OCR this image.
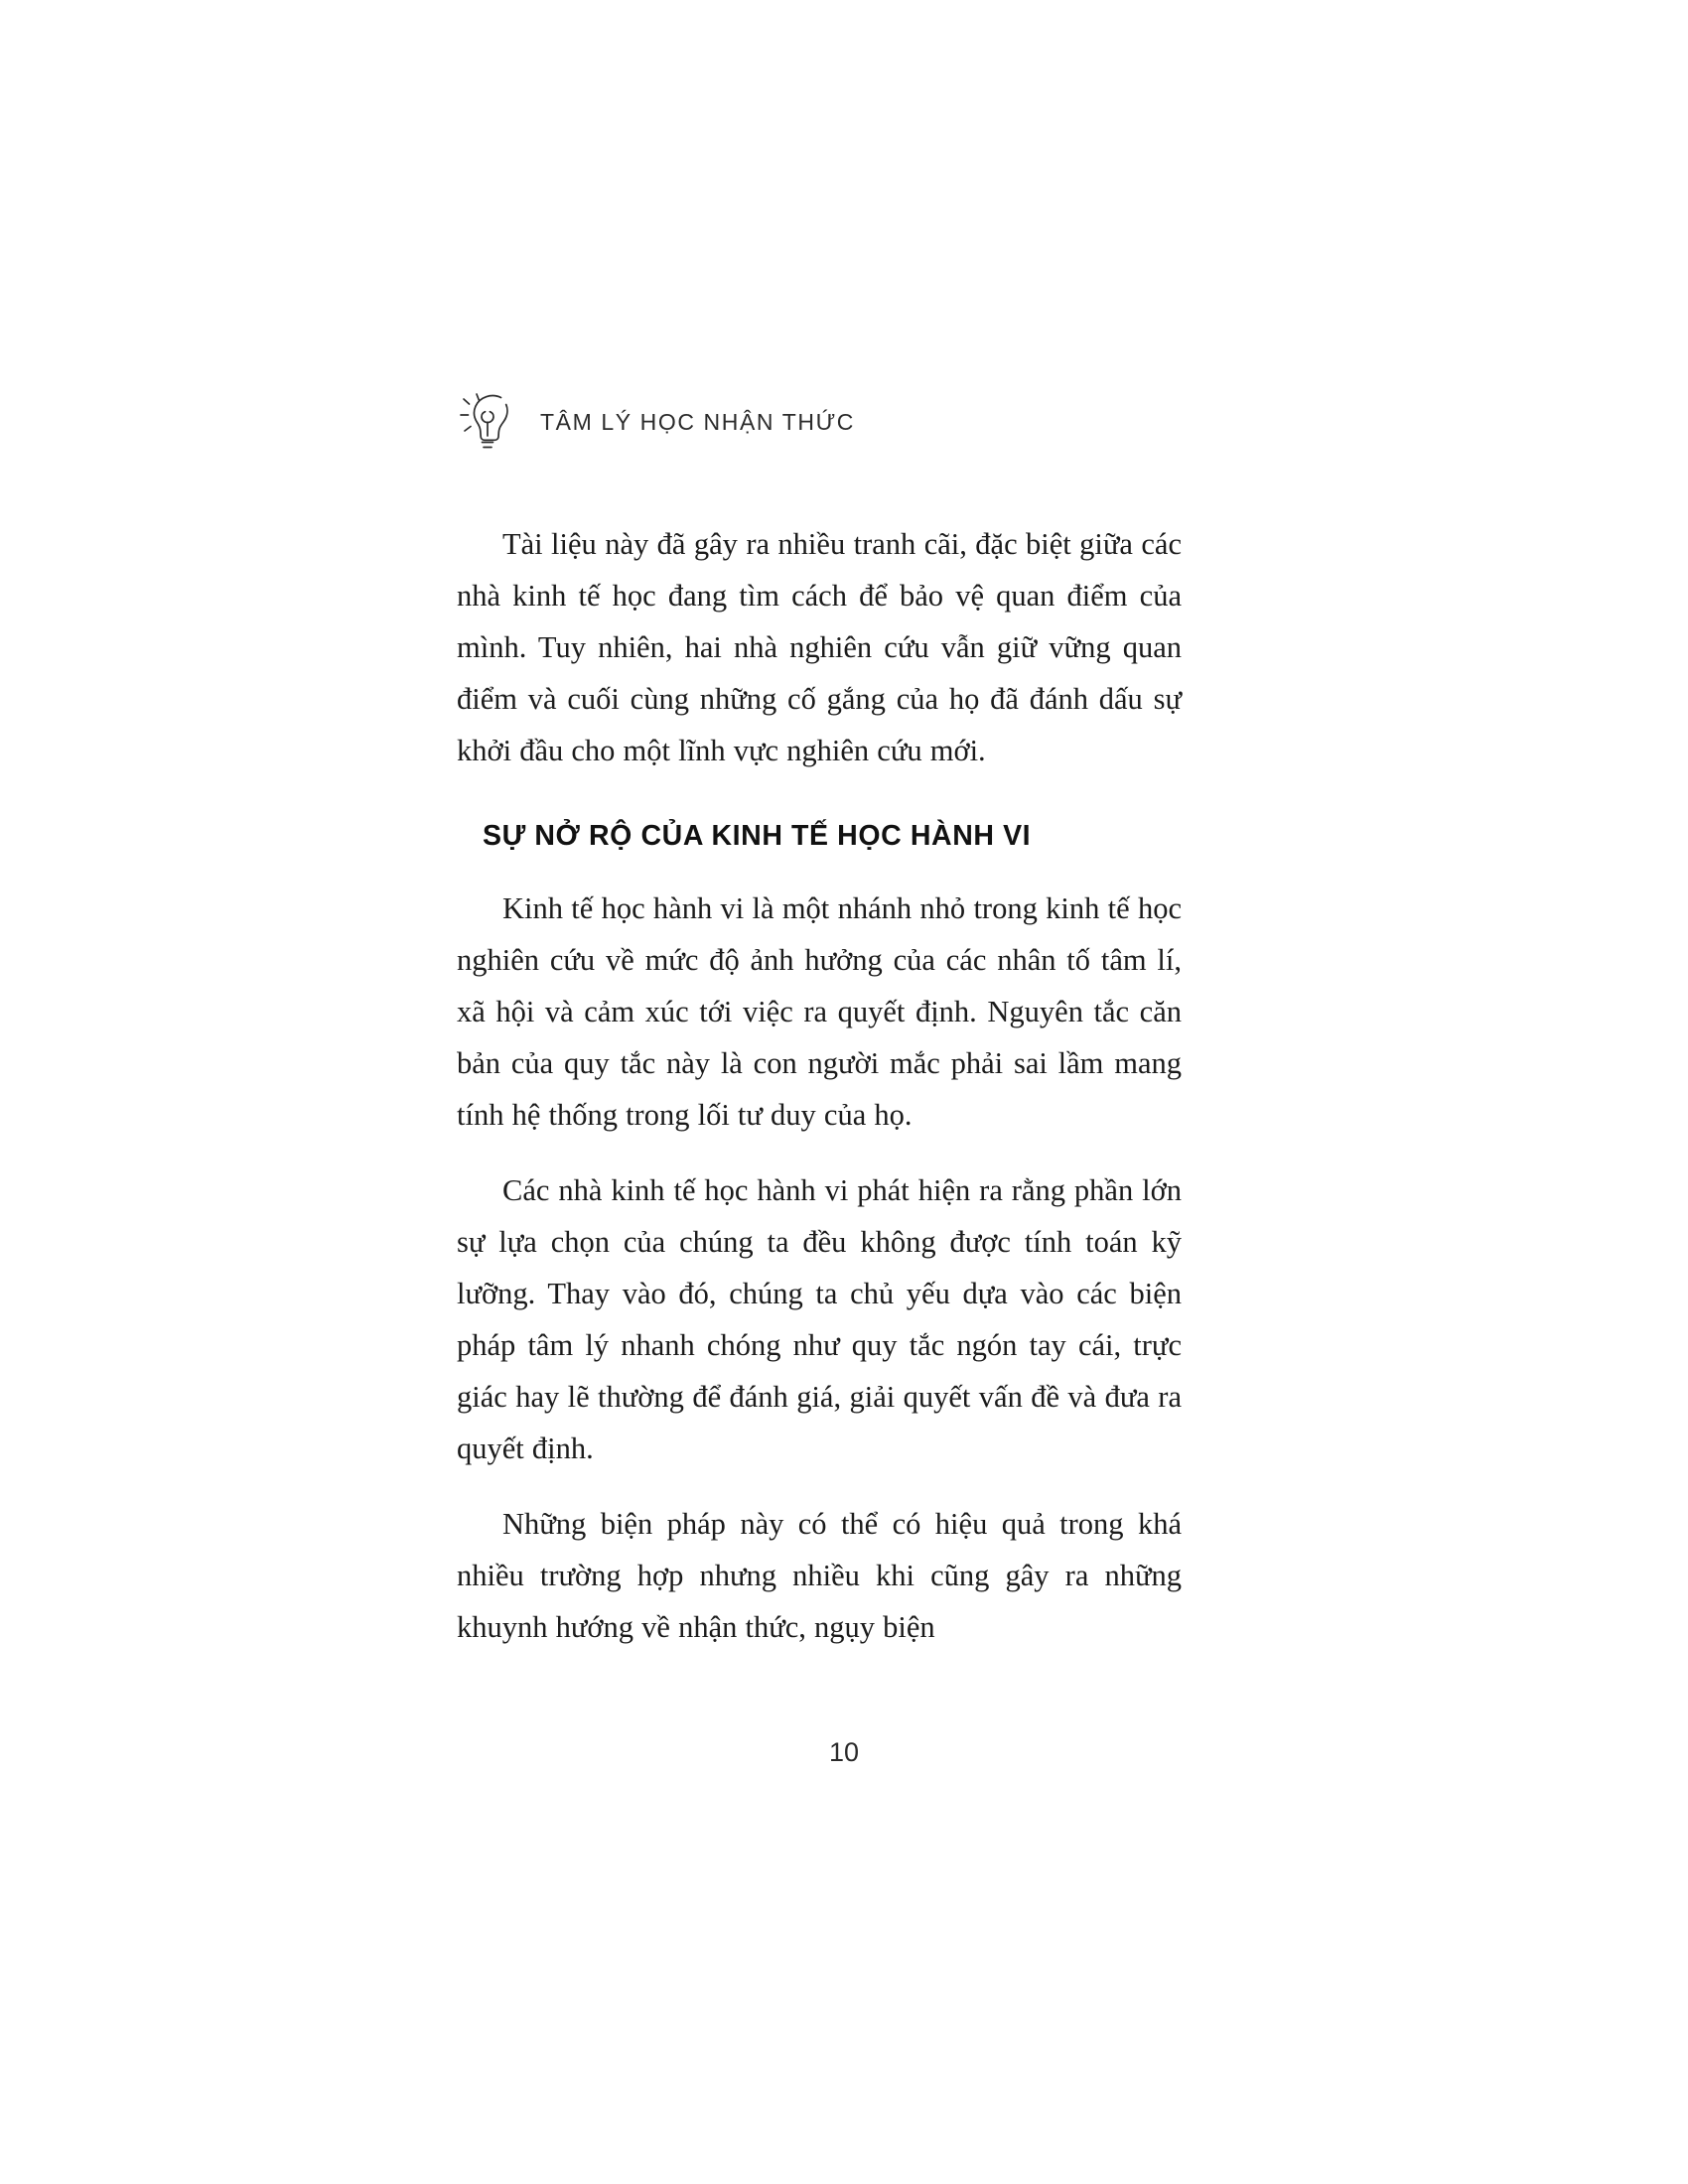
TÂM LÝ HỌC NHẬN THỨC

Tài liệu này đã gây ra nhiều tranh cãi, đặc biệt giữa các nhà kinh tế học đang tìm cách để bảo vệ quan điểm của mình. Tuy nhiên, hai nhà nghiên cứu vẫn giữ vững quan điểm và cuối cùng những cố gắng của họ đã đánh dấu sự khởi đầu cho một lĩnh vực nghiên cứu mới.

SỰ NỞ RỘ CỦA KINH TẾ HỌC HÀNH VI

Kinh tế học hành vi là một nhánh nhỏ trong kinh tế học nghiên cứu về mức độ ảnh hưởng của các nhân tố tâm lí, xã hội và cảm xúc tới việc ra quyết định. Nguyên tắc căn bản của quy tắc này là con người mắc phải sai lầm mang tính hệ thống trong lối tư duy của họ.

Các nhà kinh tế học hành vi phát hiện ra rằng phần lớn sự lựa chọn của chúng ta đều không được tính toán kỹ lưỡng. Thay vào đó, chúng ta chủ yếu dựa vào các biện pháp tâm lý nhanh chóng như quy tắc ngón tay cái, trực giác hay lẽ thường để đánh giá, giải quyết vấn đề và đưa ra quyết định.

Những biện pháp này có thể có hiệu quả trong khá nhiều trường hợp nhưng nhiều khi cũng gây ra những khuynh hướng về nhận thức, ngụy biện

10
